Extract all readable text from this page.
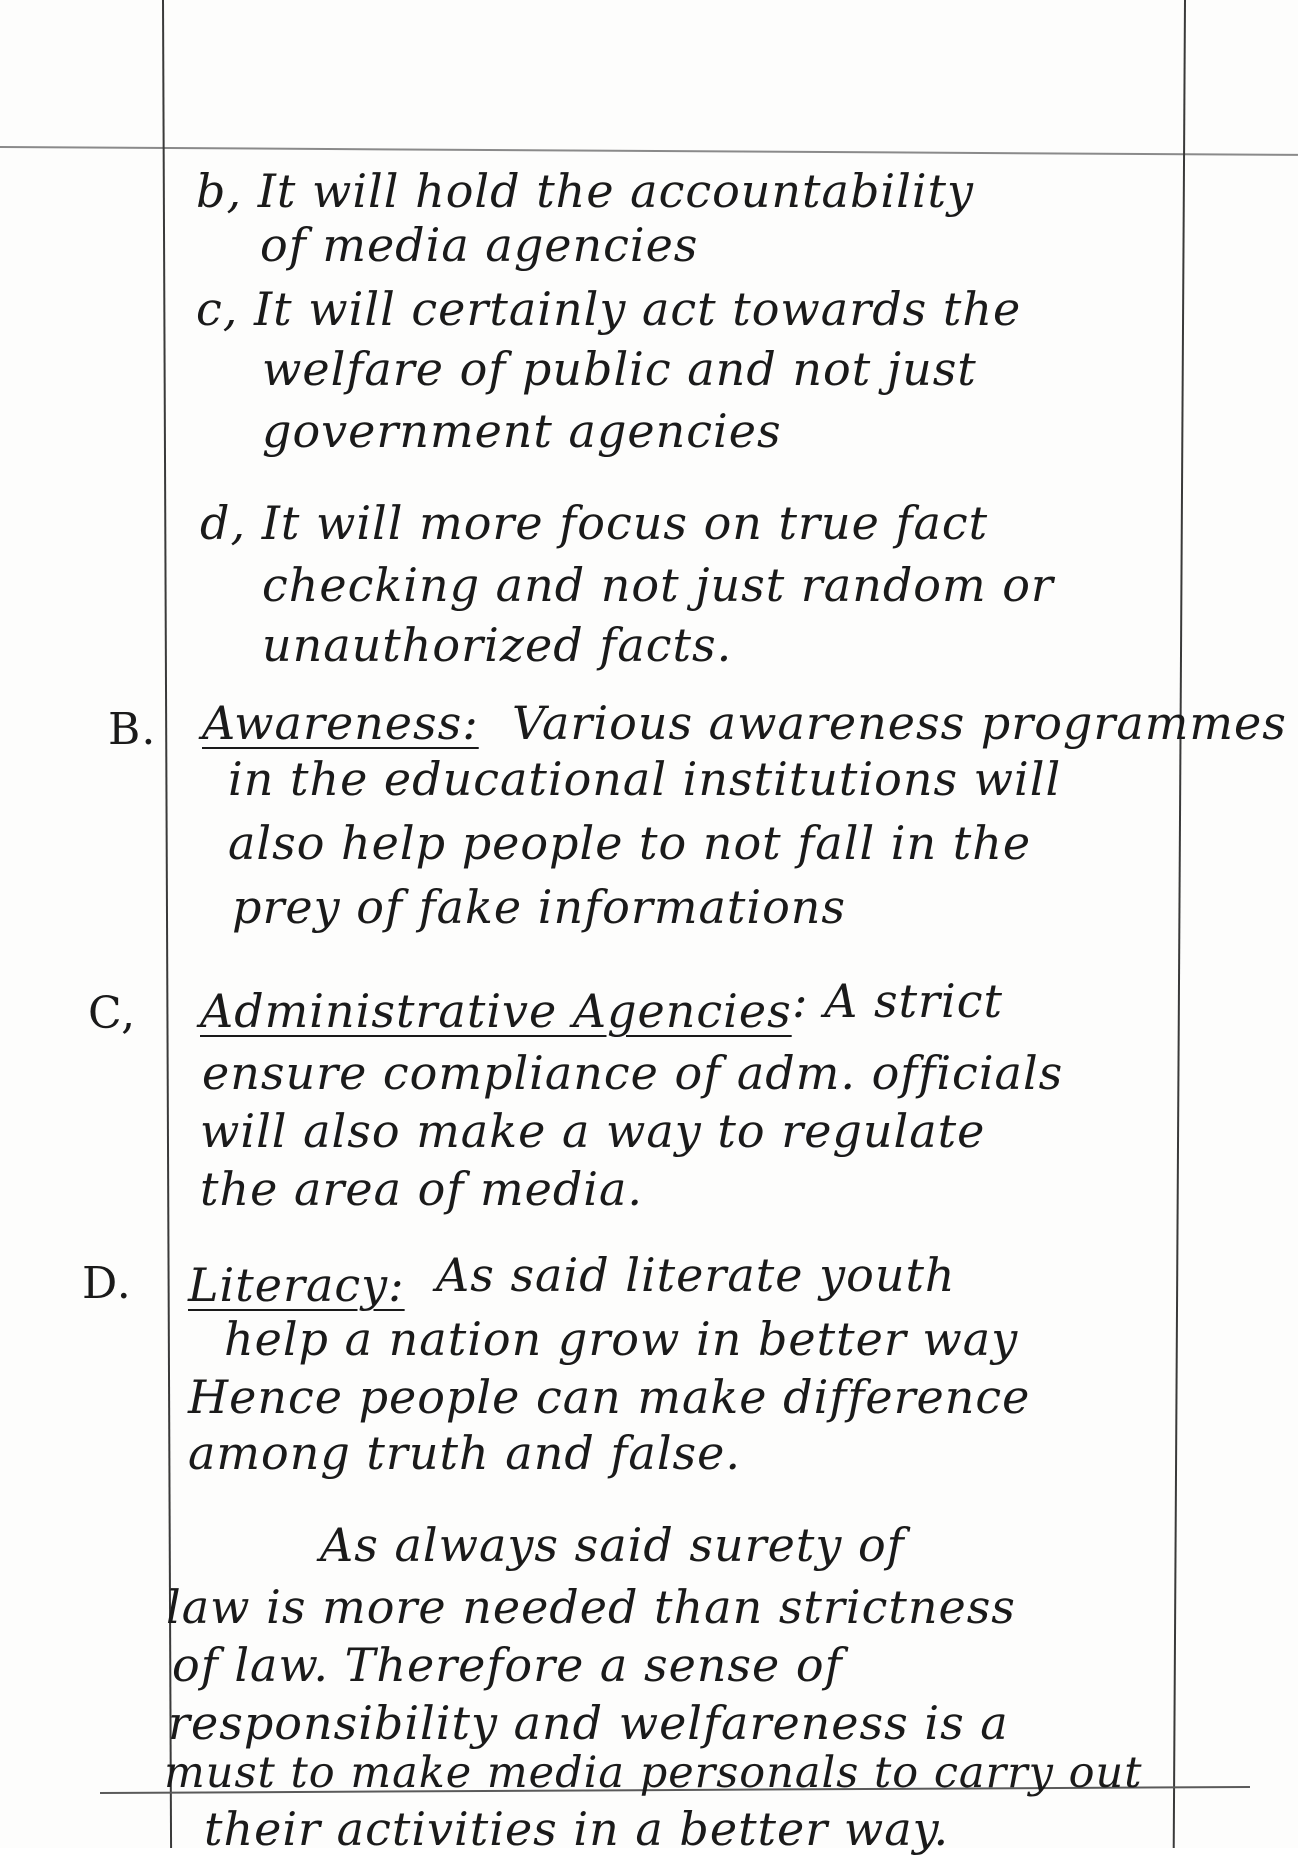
b, It will hold the accountability
of media agencies
c, It will certainly act towards the
welfare of public and not just
government agencies
d, It will more focus on true fact
checking and not just random or
unauthorized facts.
B. Awareness: Various awareness programmes
in the educational institutions will
also help people to not fall in the
prey of fake informations
C, Administrative Agencies : A strict
ensure compliance of adm. officials
will also make a way to regulate
the area of media.
D. Literacy: As said literate youth
help a nation grow in better way
Hence people can make difference
among truth and false.
As always said surety of
law is more needed than strictness
of law. Therefore a sense of
responsibility and welfareness is a
must to make media personals to carry out
their activities in a better way.
